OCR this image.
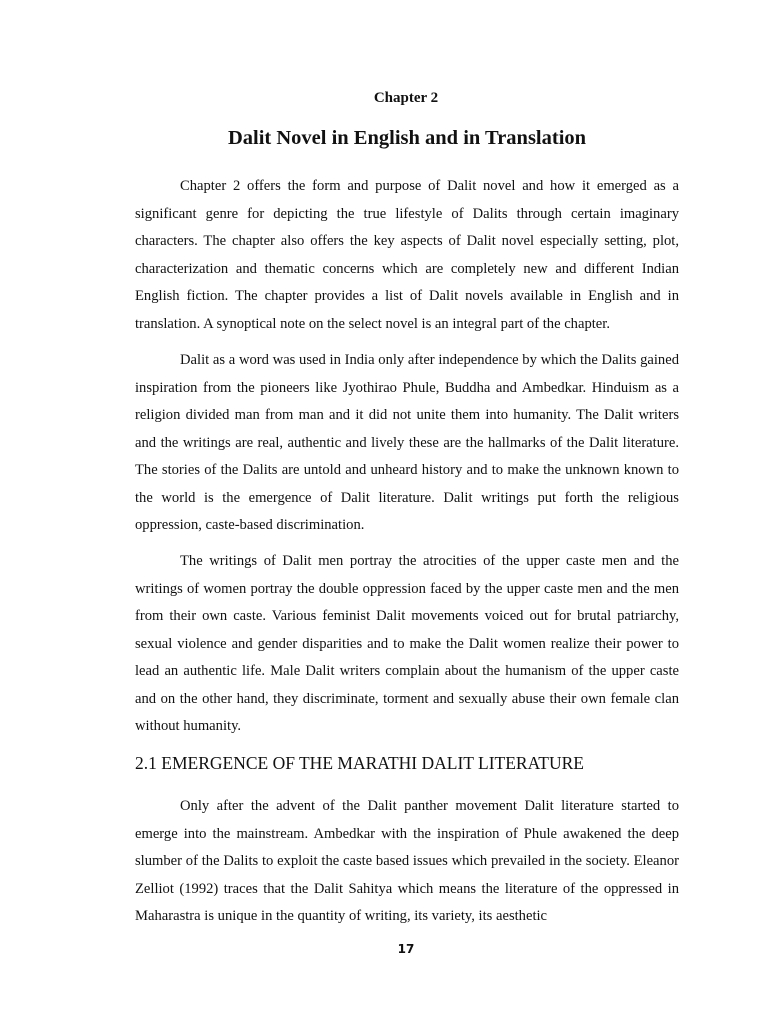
Chapter 2
Dalit Novel in English and in Translation

Chapter 2 offers the form and purpose of Dalit novel and how it emerged as a significant genre for depicting the true lifestyle of Dalits through certain imaginary characters. The chapter also offers the key aspects of Dalit novel especially setting, plot, characterization and thematic concerns which are completely new and different Indian English fiction. The chapter provides a list of Dalit novels available in English and in translation. A synoptical note on the select novel is an integral part of the chapter.

Dalit as a word was used in India only after independence by which the Dalits gained inspiration from the pioneers like Jyothirao Phule, Buddha and Ambedkar. Hinduism as a religion divided man from man and it did not unite them into humanity. The Dalit writers and the writings are real, authentic and lively these are the hallmarks of the Dalit literature. The stories of the Dalits are untold and unheard history and to make the unknown known to the world is the emergence of Dalit literature. Dalit writings put forth the religious oppression, caste-based discrimination.

The writings of Dalit men portray the atrocities of the upper caste men and the writings of women portray the double oppression faced by the upper caste men and the men from their own caste. Various feminist Dalit movements voiced out for brutal patriarchy, sexual violence and gender disparities and to make the Dalit women realize their power to lead an authentic life. Male Dalit writers complain about the humanism of the upper caste and on the other hand, they discriminate, torment and sexually abuse their own female clan without humanity.

2.1 EMERGENCE OF THE MARATHI DALIT LITERATURE

Only after the advent of the Dalit panther movement Dalit literature started to emerge into the mainstream. Ambedkar with the inspiration of Phule awakened the deep slumber of the Dalits to exploit the caste based issues which prevailed in the society. Eleanor Zelliot (1992) traces that the Dalit Sahitya which means the literature of the oppressed in Maharastra is unique in the quantity of writing, its variety, its aesthetic

17
